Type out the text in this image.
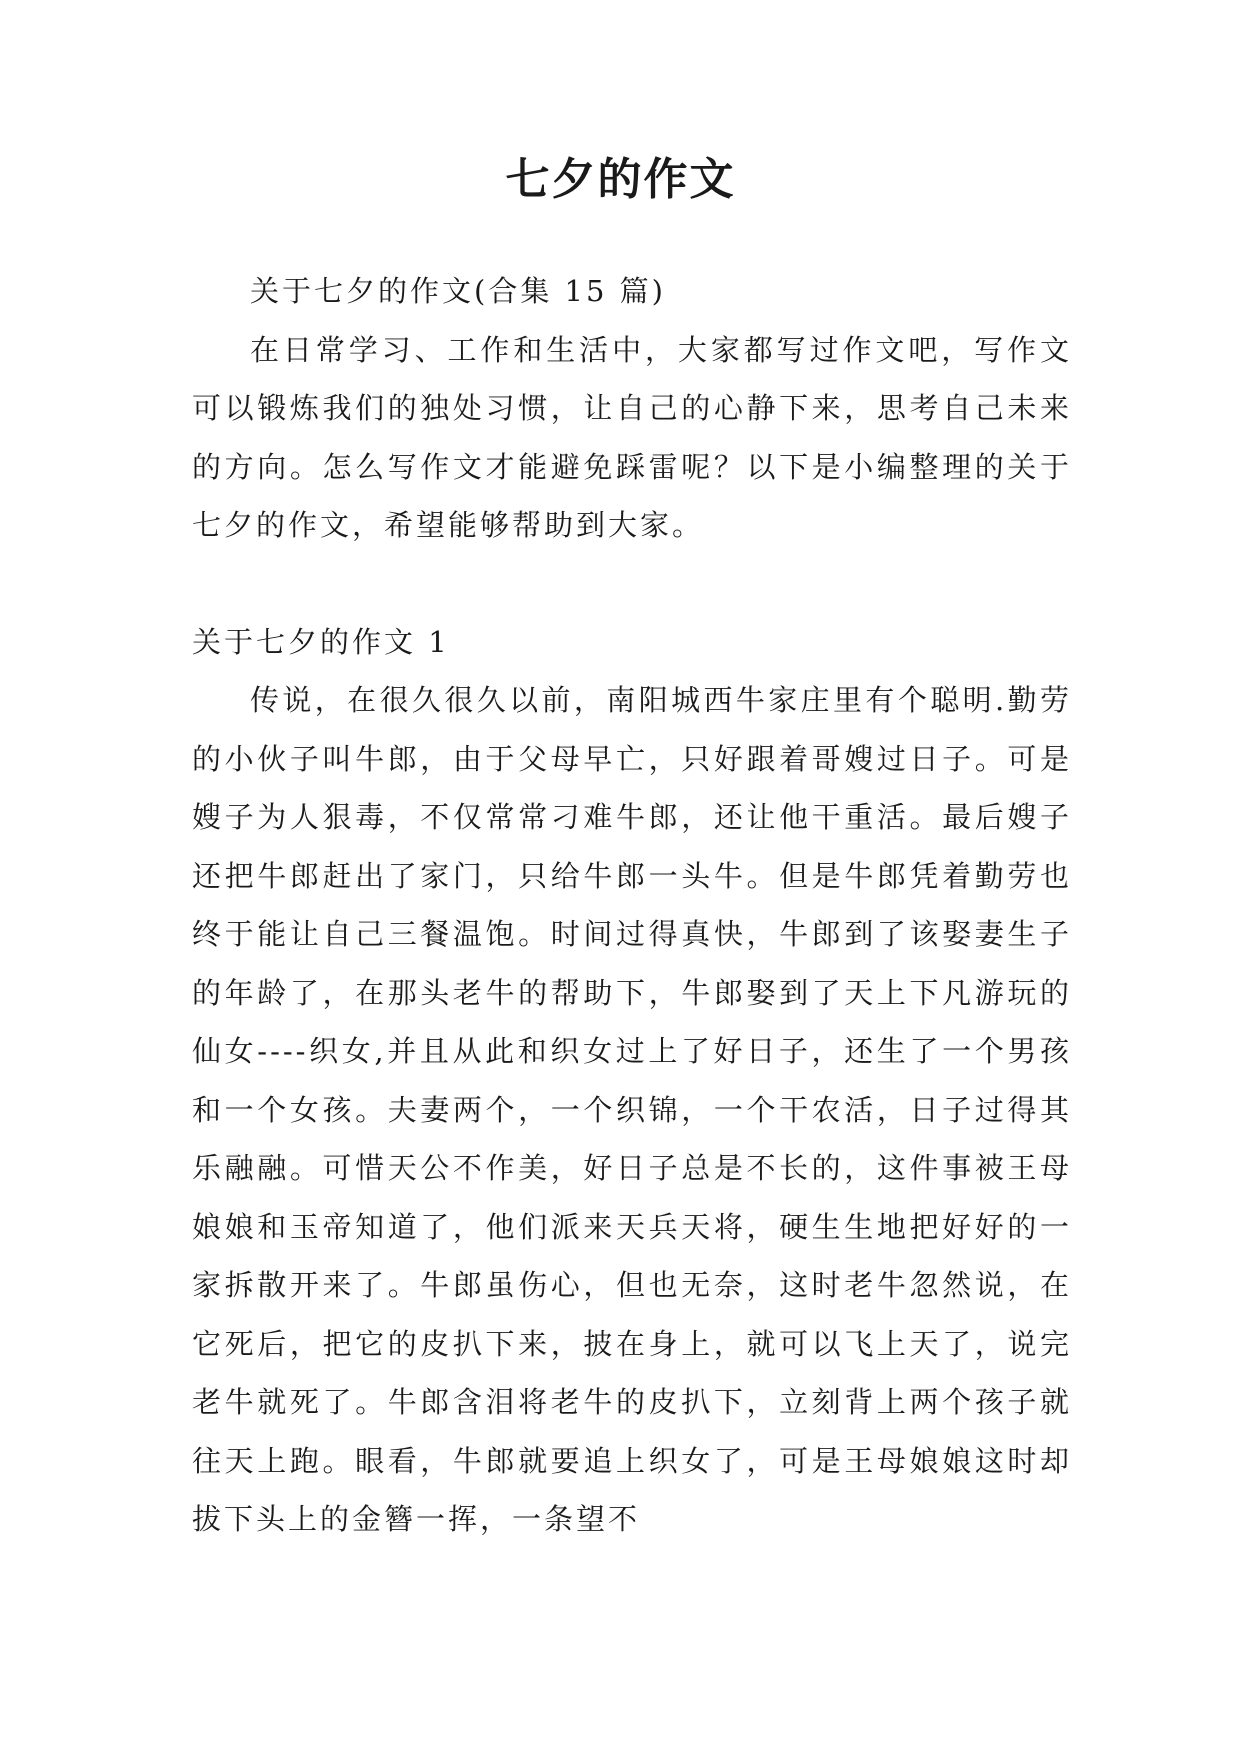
七夕的作文

关于七夕的作文(合集 15 篇)

在日常学习、工作和生活中，大家都写过作文吧，写作文可以锻炼我们的独处习惯，让自己的心静下来，思考自己未来的方向。怎么写作文才能避免踩雷呢？以下是小编整理的关于七夕的作文，希望能够帮助到大家。

关于七夕的作文 1

传说，在很久很久以前，南阳城西牛家庄里有个聪明.勤劳的小伙子叫牛郎，由于父母早亡，只好跟着哥嫂过日子。可是嫂子为人狠毒，不仅常常刁难牛郎，还让他干重活。最后嫂子还把牛郎赶出了家门，只给牛郎一头牛。但是牛郎凭着勤劳也终于能让自己三餐温饱。时间过得真快，牛郎到了该娶妻生子的年龄了，在那头老牛的帮助下，牛郎娶到了天上下凡游玩的仙女----织女,并且从此和织女过上了好日子，还生了一个男孩和一个女孩。夫妻两个，一个织锦，一个干农活，日子过得其乐融融。可惜天公不作美，好日子总是不长的，这件事被王母娘娘和玉帝知道了，他们派来天兵天将，硬生生地把好好的一家拆散开来了。牛郎虽伤心，但也无奈，这时老牛忽然说，在它死后，把它的皮扒下来，披在身上，就可以飞上天了，说完老牛就死了。牛郎含泪将老牛的皮扒下，立刻背上两个孩子就往天上跑。眼看，牛郎就要追上织女了，可是王母娘娘这时却拔下头上的金簪一挥，一条望不
